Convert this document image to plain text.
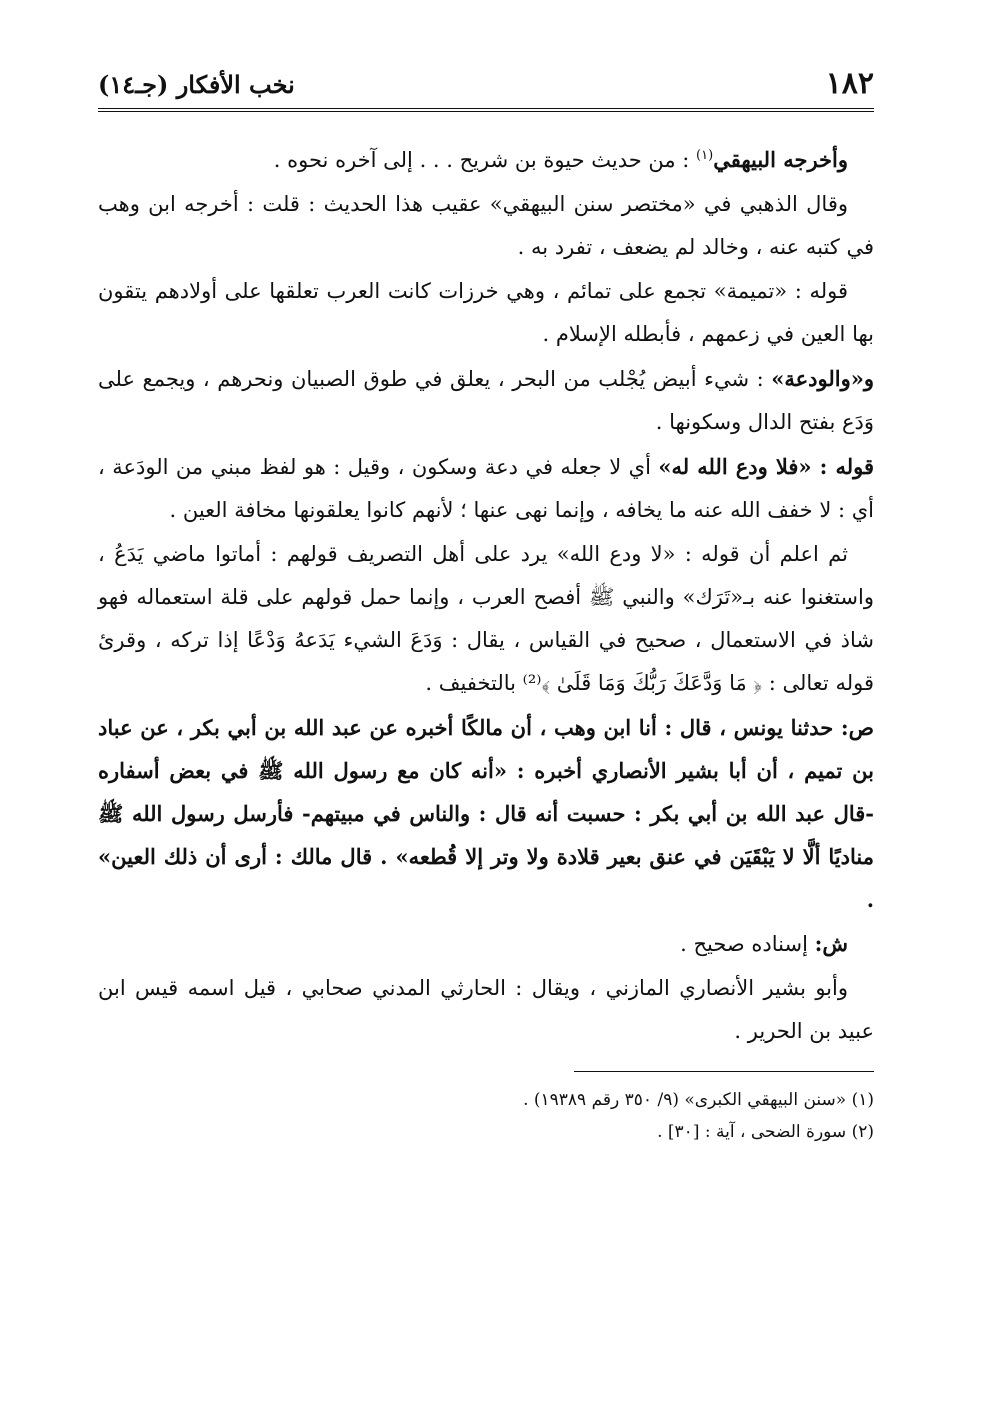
١٨٢
نخب الأفكار (جـ١٤)

وأخرجه البيهقي$^{(١)}$ : من حديث حيوة بن شريح . . . إلى آخره نحوه .

وقال الذهبي في «مختصر سنن البيهقي» عقيب هذا الحديث : قلت : أخرجه ابن وهب في كتبه عنه ، وخالد لم يضعف ، تفرد به .

قوله : «تميمة» تجمع على تمائم ، وهي خرزات كانت العرب تعلقها على أولادهم يتقون بها العين في زعمهم ، فأبطله الإسلام .

و«والودعة» : شيء أبيض يُجْلب من البحر ، يعلق في طوق الصبيان ونحرهم ، ويجمع على وَدَع بفتح الدال وسكونها .

قوله : «فلا ودع الله له» أي لا جعله في دعة وسكون ، وقيل : هو لفظ مبني من الودَعة ، أي : لا خفف الله عنه ما يخافه ، وإنما نهى عنها ؛ لأنهم كانوا يعلقونها مخافة العين .

ثم اعلم أن قوله : «لا ودع الله» يرد على أهل التصريف قولهم : أماتوا ماضي يَدَعُ ، واستغنوا عنه بـ«تَرَك» والنبي ﷺ أفصح العرب ، وإنما حمل قولهم على قلة استعماله فهو شاذ في الاستعمال ، صحيح في القياس ، يقال : وَدَعَ الشيء يَدَعهُ وَدْعًا إذا تركه ، وقرئ قوله تعالى : ﴿ مَا وَدَّعَكَ رَبُّكَ وَمَا قَلَىٰ ﴾⁽²⁾ بالتخفيف .

ص: حدثنا يونس ، قال : أنا ابن وهب ، أن مالكًا أخبره عن عبد الله بن أبي بكر ، عن عباد بن تميم ، أن أبا بشير الأنصاري أخبره : «أنه كان مع رسول الله ﷺ في بعض أسفاره -قال عبد الله بن أبي بكر : حسبت أنه قال : والناس في مبيتهم- فأرسل رسول الله ﷺ مناديًا ألَّا لا يَبْقَيَن في عنق بعير قلادة ولا وتر إلا قُطعه» . قال مالك : أرى أن ذلك العين» .

ش: إسناده صحيح .

وأبو بشير الأنصاري المازني ، ويقال : الحارثي المدني صحابي ، قيل اسمه قيس ابن عبيد بن الحرير .

(١) «سنن البيهقي الكبرى» (٩/ ٣٥٠ رقم ١٩٣٨٩) .

(٢) سورة الضحى ، آية : [٣٠] .
